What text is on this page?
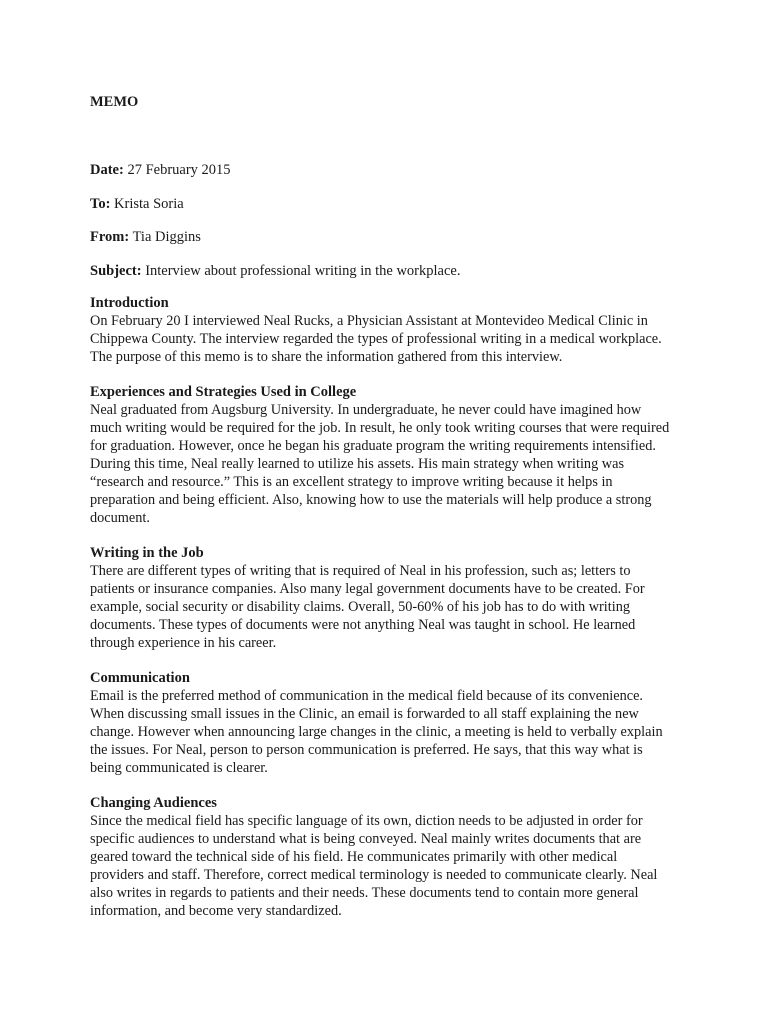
MEMO

Date: 27 February 2015

To: Krista Soria

From: Tia Diggins

Subject: Interview about professional writing in the workplace.

Introduction

On February 20 I interviewed Neal Rucks, a Physician Assistant at Montevideo Medical Clinic in Chippewa County. The interview regarded the types of professional writing in a medical workplace. The purpose of this memo is to share the information gathered from this interview.

Experiences and Strategies Used in College

Neal graduated from Augsburg University. In undergraduate, he never could have imagined how much writing would be required for the job. In result, he only took writing courses that were required for graduation. However, once he began his graduate program the writing requirements intensified. During this time, Neal really learned to utilize his assets. His main strategy when writing was “research and resource.” This is an excellent strategy to improve writing because it helps in preparation and being efficient. Also, knowing how to use the materials will help produce a strong document.

Writing in the Job

There are different types of writing that is required of Neal in his profession, such as; letters to patients or insurance companies. Also many legal government documents have to be created. For example, social security or disability claims. Overall, 50-60% of his job has to do with writing documents. These types of documents were not anything Neal was taught in school. He learned through experience in his career.

Communication

Email is the preferred method of communication in the medical field because of its convenience. When discussing small issues in the Clinic, an email is forwarded to all staff explaining the new change. However when announcing large changes in the clinic, a meeting is held to verbally explain the issues. For Neal, person to person communication is preferred. He says, that this way what is being communicated is clearer.

Changing Audiences

Since the medical field has specific language of its own, diction needs to be adjusted in order for specific audiences to understand what is being conveyed. Neal mainly writes documents that are geared toward the technical side of his field. He communicates primarily with other medical providers and staff. Therefore, correct medical terminology is needed to communicate clearly. Neal also writes in regards to patients and their needs. These documents tend to contain more general information, and become very standardized.
